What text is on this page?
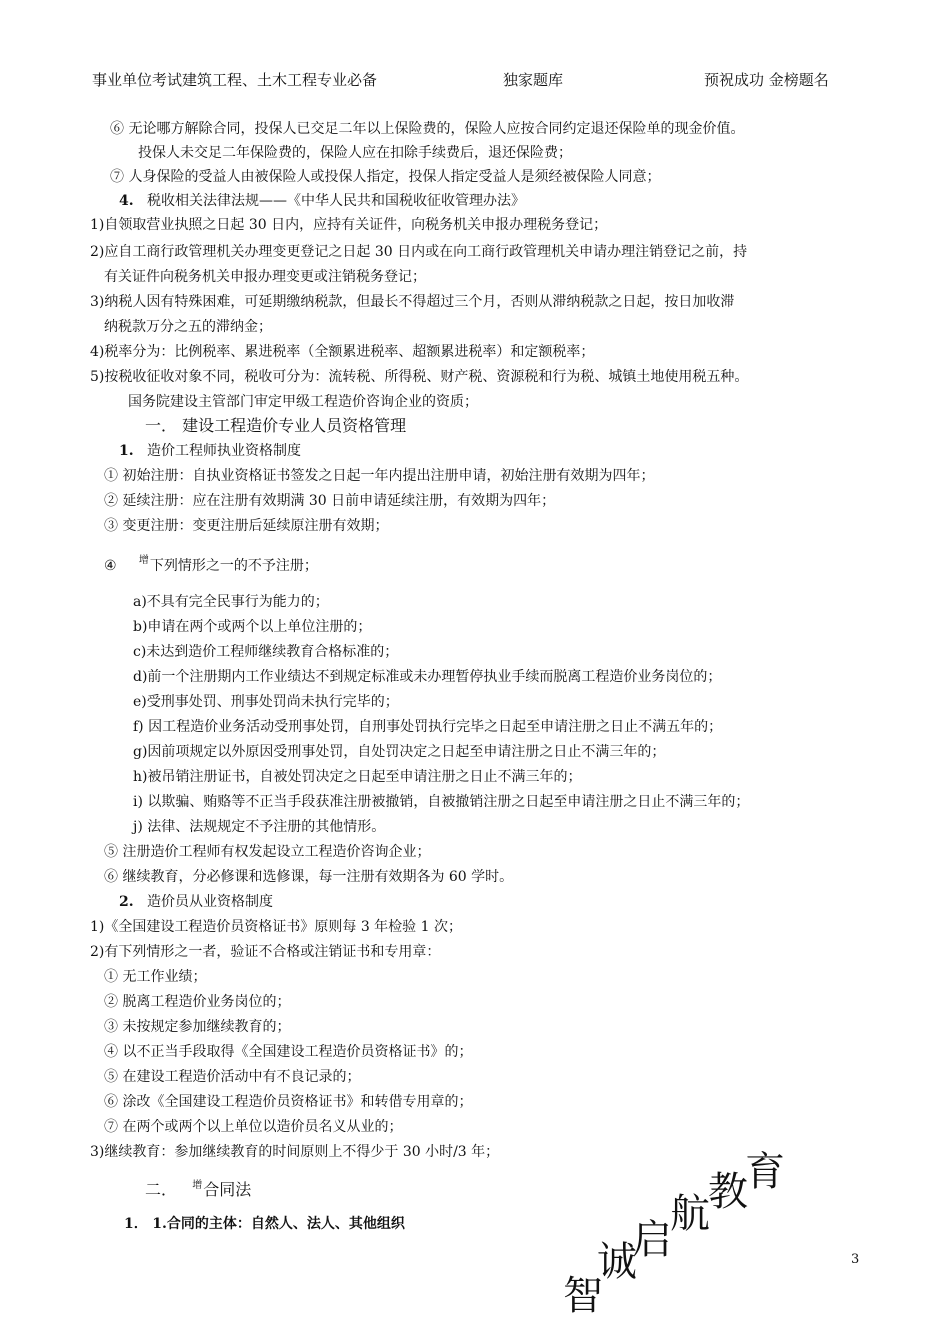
事业单位考试建筑工程、土木工程专业必备	独家题库	预祝成功 金榜题名
⑥ 无论哪方解除合同，投保人已交足二年以上保险费的，保险人应按合同约定退还保险单的现金价值。
投保人未交足二年保险费的，保险人应在扣除手续费后，退还保险费；
⑦ 人身保险的受益人由被保险人或投保人指定，投保人指定受益人是须经被保险人同意；
4. 税收相关法律法规——《中华人民共和国税收征收管理办法》
1)自领取营业执照之日起 30 日内，应持有关证件，向税务机关申报办理税务登记；
2)应自工商行政管理机关办理变更登记之日起 30 日内或在向工商行政管理机关申请办理注销登记之前，持
有关证件向税务机关申报办理变更或注销税务登记；
3)纳税人因有特殊困难，可延期缴纳税款，但最长不得超过三个月，否则从滞纳税款之日起，按日加收滞
纳税款万分之五的滞纳金；
4)税率分为：比例税率、累进税率（全额累进税率、超额累进税率）和定额税率；
5)按税收征收对象不同，税收可分为：流转税、所得税、财产税、资源税和行为税、城镇土地使用税五种。
国务院建设主管部门审定甲级工程造价咨询企业的资质；
一． 建设工程造价专业人员资格管理
1. 造价工程师执业资格制度
① 初始注册：自执业资格证书签发之日起一年内提出注册申请，初始注册有效期为四年；
② 延续注册：应在注册有效期满 30 日前申请延续注册，有效期为四年；
③ 变更注册：变更注册后延续原注册有效期；
④ $^增$下列情形之一的不予注册；
a)不具有完全民事行为能力的；
b)申请在两个或两个以上单位注册的；
c)未达到造价工程师继续教育合格标准的；
d)前一个注册期内工作业绩达不到规定标准或未办理暂停执业手续而脱离工程造价业务岗位的；
e)受刑事处罚、刑事处罚尚未执行完毕的；
f) 因工程造价业务活动受刑事处罚，自刑事处罚执行完毕之日起至申请注册之日止不满五年的；
g)因前项规定以外原因受刑事处罚，自处罚决定之日起至申请注册之日止不满三年的；
h)被吊销注册证书，自被处罚决定之日起至申请注册之日止不满三年的；
i) 以欺骗、贿赂等不正当手段获准注册被撤销，自被撤销注册之日起至申请注册之日止不满三年的；
j) 法律、法规规定不予注册的其他情形。
⑤ 注册造价工程师有权发起设立工程造价咨询企业；
⑥ 继续教育，分必修课和选修课，每一注册有效期各为 60 学时。
2. 造价员从业资格制度
1)《全国建设工程造价员资格证书》原则每 3 年检验 1 次；
2)有下列情形之一者，验证不合格或注销证书和专用章：
① 无工作业绩；
② 脱离工程造价业务岗位的；
③ 未按规定参加继续教育的；
④ 以不正当手段取得《全国建设工程造价员资格证书》的；
⑤ 在建设工程造价活动中有不良记录的；
⑥ 涂改《全国建设工程造价员资格证书》和转借专用章的；
⑦ 在两个或两个以上单位以造价员名义从业的；
3)继续教育：参加继续教育的时间原则上不得少于 30 小时/3 年；
二． $^增$合同法
1． 1.合同的主体：自然人、法人、其他组织
智
诚
启
航
教
育
3
